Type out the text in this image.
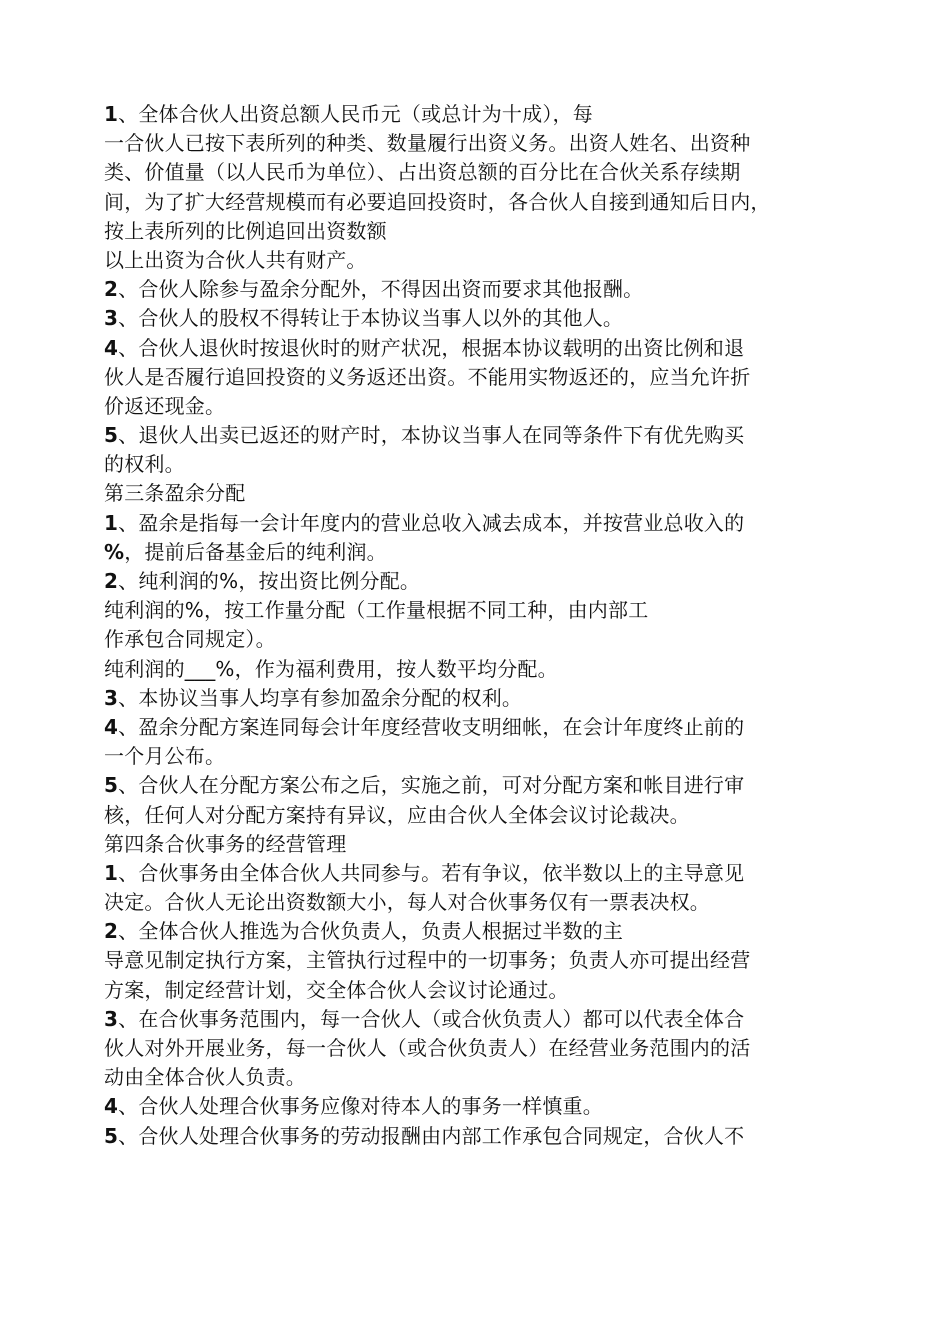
1、全体合伙人出资总额人民币元（或总计为十成），每
一合伙人已按下表所列的种类、数量履行出资义务。出资人姓名、出资种
类、价值量（以人民币为单位）、占出资总额的百分比在合伙关系存续期
间，为了扩大经营规模而有必要追回投资时，各合伙人自接到通知后日内，
按上表所列的比例追回出资数额
以上出资为合伙人共有财产。
2、合伙人除参与盈余分配外，不得因出资而要求其他报酬。
3、合伙人的股权不得转让于本协议当事人以外的其他人。
4、合伙人退伙时按退伙时的财产状况，根据本协议载明的出资比例和退
伙人是否履行追回投资的义务返还出资。不能用实物返还的，应当允许折
价返还现金。
5、退伙人出卖已返还的财产时，本协议当事人在同等条件下有优先购买
的权利。
第三条盈余分配
1、盈余是指每一会计年度内的营业总收入减去成本，并按营业总收入的
%，提前后备基金后的纯利润。
2、纯利润的%，按出资比例分配。
纯利润的%，按工作量分配（工作量根据不同工种，由内部工
作承包合同规定）。
纯利润的___%，作为福利费用，按人数平均分配。
3、本协议当事人均享有参加盈余分配的权利。
4、盈余分配方案连同每会计年度经营收支明细帐，在会计年度终止前的
一个月公布。
5、合伙人在分配方案公布之后，实施之前，可对分配方案和帐目进行审
核，任何人对分配方案持有异议，应由合伙人全体会议讨论裁决。
第四条合伙事务的经营管理
1、合伙事务由全体合伙人共同参与。若有争议，依半数以上的主导意见
决定。合伙人无论出资数额大小，每人对合伙事务仅有一票表决权。
2、全体合伙人推选为合伙负责人，负责人根据过半数的主
导意见制定执行方案，主管执行过程中的一切事务；负责人亦可提出经营
方案，制定经营计划，交全体合伙人会议讨论通过。
3、在合伙事务范围内，每一合伙人（或合伙负责人）都可以代表全体合
伙人对外开展业务，每一合伙人（或合伙负责人）在经营业务范围内的活
动由全体合伙人负责。
4、合伙人处理合伙事务应像对待本人的事务一样慎重。
5、合伙人处理合伙事务的劳动报酬由内部工作承包合同规定，合伙人不
